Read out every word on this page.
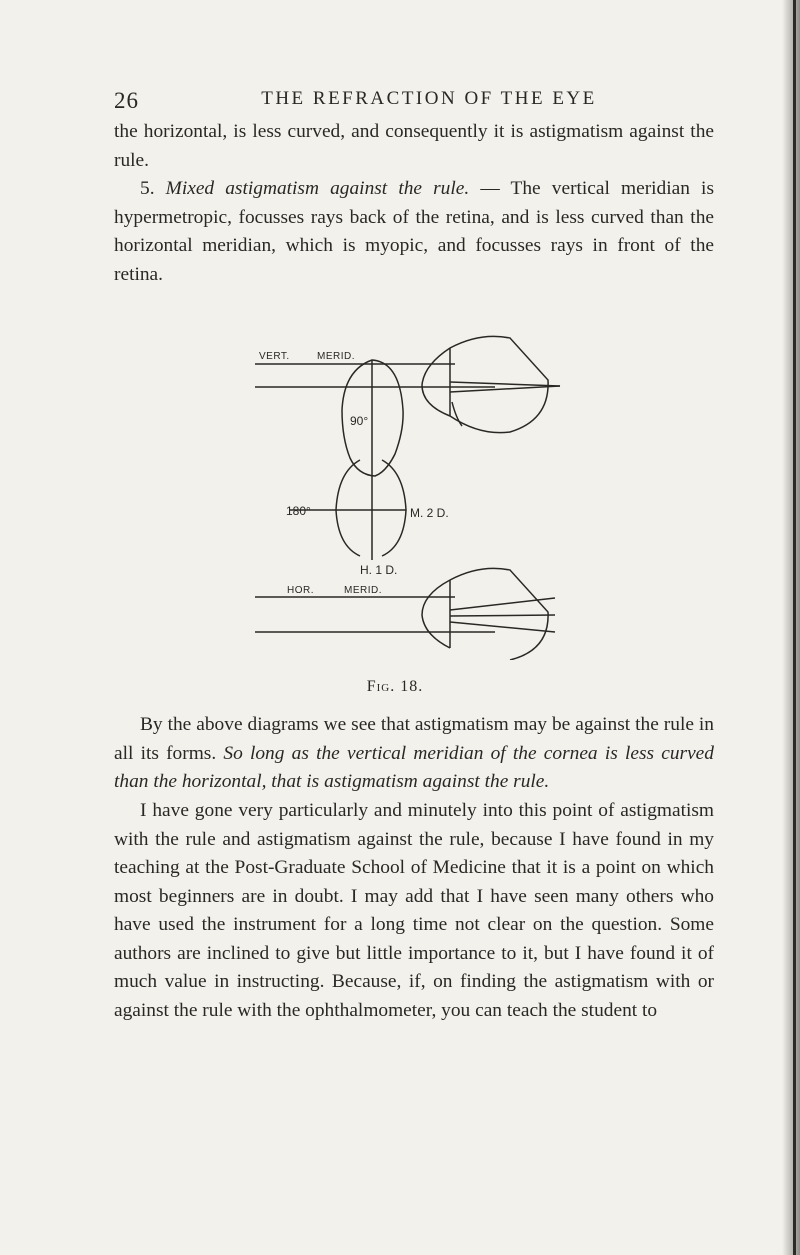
26	THE REFRACTION OF THE EYE

the horizontal, is less curved, and consequently it is astigmatism against the rule.
5. Mixed astigmatism against the rule. — The vertical meridian is hypermetropic, focusses rays back of the retina, and is less curved than the horizontal meridian, which is myopic, and focusses rays in front of the retina.

VERT.	MERID.
90°
180°	M. 2 D.
H. 1 D.
HOR.	MERID.
Fig. 18.

By the above diagrams we see that astigmatism may be against the rule in all its forms. So long as the vertical meridian of the cornea is less curved than the horizontal, that is astigmatism against the rule.

I have gone very particularly and minutely into this point of astigmatism with the rule and astigmatism against the rule, because I have found in my teaching at the Post-Graduate School of Medicine that it is a point on which most beginners are in doubt. I may add that I have seen many others who have used the instrument for a long time not clear on the question. Some authors are inclined to give but little importance to it, but I have found it of much value in instructing. Because, if, on finding the astigmatism with or against the rule with the ophthalmometer, you can teach the student to
